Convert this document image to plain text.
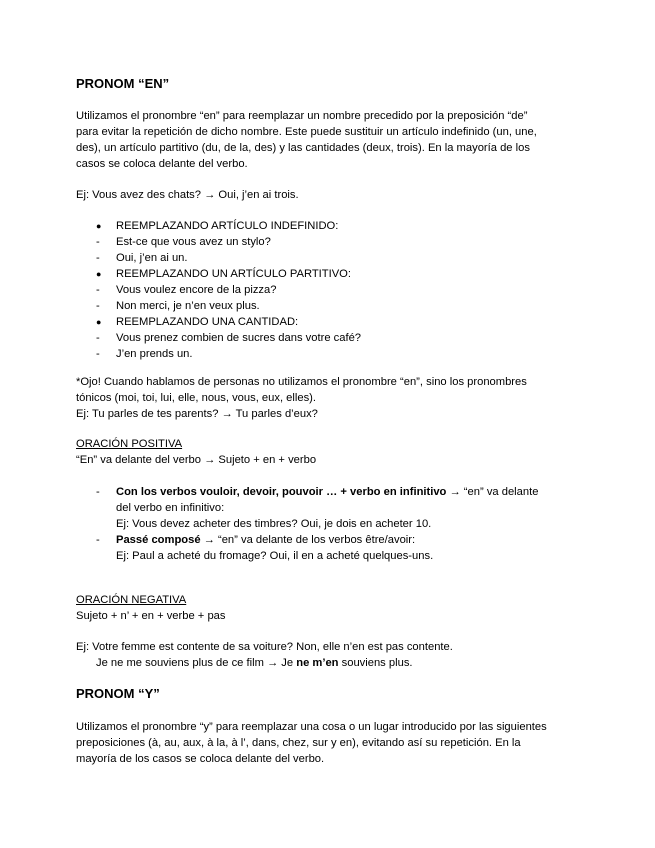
PRONOM “EN”
Utilizamos el pronombre “en” para reemplazar un nombre precedido por la preposición “de”
para evitar la repetición de dicho nombre. Este puede sustituir un artículo indefinido (un, une,
des), un artículo partitivo (du, de la, des) y las cantidades (deux, trois). En la mayoría de los
casos se coloca delante del verbo.
Ej: Vous avez des chats? → Oui, j’en ai trois.
●	REEMPLAZANDO ARTÍCULO INDEFINIDO:
-	Est-ce que vous avez un stylo?
-	Oui, j’en ai un.
●	REEMPLAZANDO UN ARTÍCULO PARTITIVO:
-	Vous voulez encore de la pizza?
-	Non merci, je n’en veux plus.
●	REEMPLAZANDO UNA CANTIDAD:
-	Vous prenez combien de sucres dans votre café?
-	J’en prends un.
*Ojo! Cuando hablamos de personas no utilizamos el pronombre “en”, sino los pronombres
tónicos (moi, toi, lui, elle, nous, vous, eux, elles).
Ej: Tu parles de tes parents? → Tu parles d’eux?
ORACIÓN POSITIVA
“En” va delante del verbo → Sujeto + en + verbo
-	Con los verbos vouloir, devoir, pouvoir … + verbo en infinitivo → “en” va delante
del verbo en infinitivo:
Ej: Vous devez acheter des timbres? Oui, je dois en acheter 10.
-	Passé composé → “en” va delante de los verbos être/avoir:
Ej: Paul a acheté du fromage? Oui, il en a acheté quelques-uns.
ORACIÓN NEGATIVA
Sujeto + n’ + en + verbe + pas
Ej: Votre femme est contente de sa voiture? Non, elle n’en est pas contente.
Je ne me souviens plus de ce film → Je ne m’en souviens plus.
PRONOM “Y”
Utilizamos el pronombre “y” para reemplazar una cosa o un lugar introducido por las siguientes
preposiciones (à, au, aux, à la, à l’, dans, chez, sur y en), evitando así su repetición. En la
mayoría de los casos se coloca delante del verbo.
